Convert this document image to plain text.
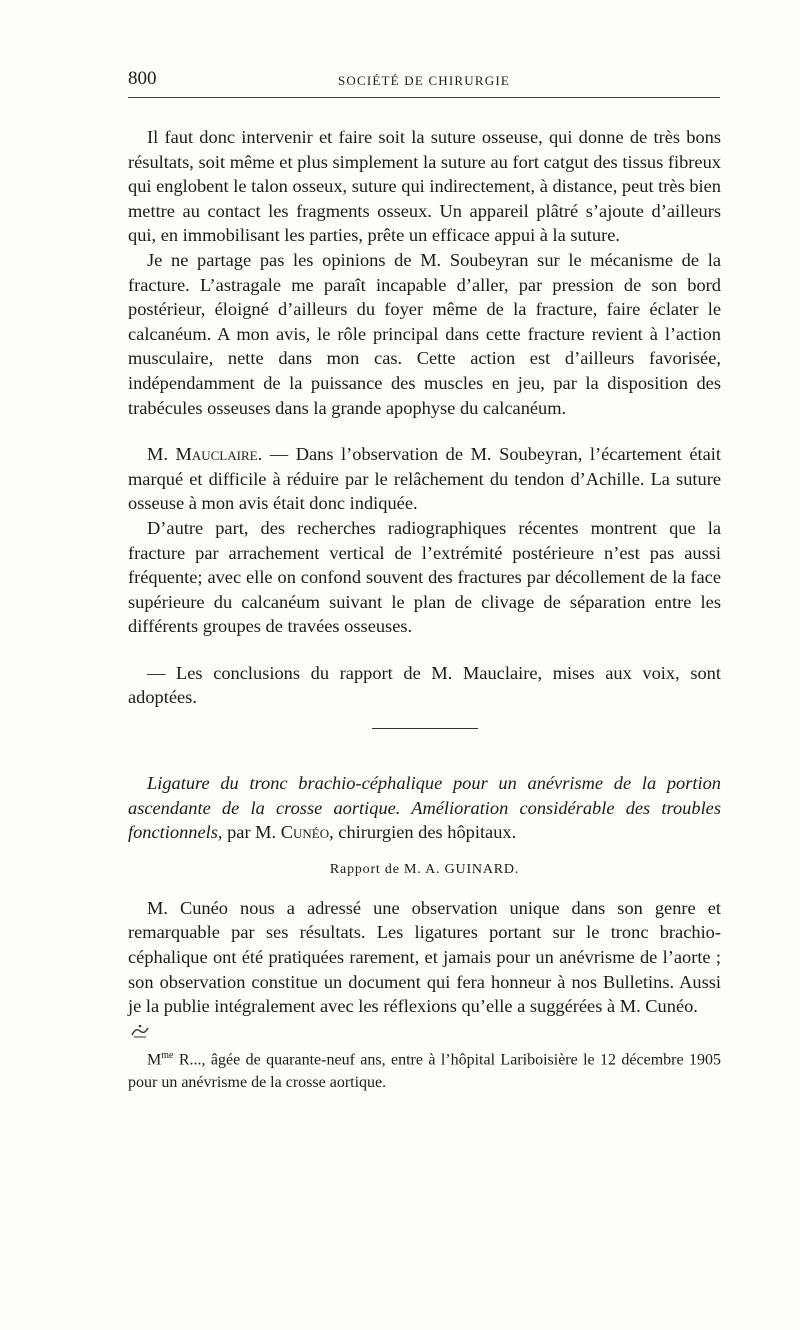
800	SOCIÉTÉ DE CHIRURGIE

Il faut donc intervenir et faire soit la suture osseuse, qui donne de très bons résultats, soit même et plus simplement la suture au fort catgut des tissus fibreux qui englobent le talon osseux, suture qui indirectement, à distance, peut très bien mettre au contact les fragments osseux. Un appareil plâtré s’ajoute d’ailleurs qui, en immobilisant les parties, prête un efficace appui à la suture.

Je ne partage pas les opinions de M. Soubeyran sur le mécanisme de la fracture. L’astragale me paraît incapable d’aller, par pression de son bord postérieur, éloigné d’ailleurs du foyer même de la fracture, faire éclater le calcanéum. A mon avis, le rôle principal dans cette fracture revient à l’action musculaire, nette dans mon cas. Cette action est d’ailleurs favorisée, indépendamment de la puissance des muscles en jeu, par la disposition des trabécules osseuses dans la grande apophyse du calcanéum.

M. Mauclaire. — Dans l’observation de M. Soubeyran, l’écartement était marqué et difficile à réduire par le relâchement du tendon d’Achille. La suture osseuse à mon avis était donc indiquée.

D’autre part, des recherches radiographiques récentes montrent que la fracture par arrachement vertical de l’extrémité postérieure n’est pas aussi fréquente; avec elle on confond souvent des fractures par décollement de la face supérieure du calcanéum suivant le plan de clivage de séparation entre les différents groupes de travées osseuses.

— Les conclusions du rapport de M. Mauclaire, mises aux voix, sont adoptées.

Ligature du tronc brachio-céphalique pour un anévrisme de la portion ascendante de la crosse aortique. Amélioration considérable des troubles fonctionnels, par M. Cunéo, chirurgien des hôpitaux.

Rapport de M. A. GUINARD.

M. Cunéo nous a adressé une observation unique dans son genre et remarquable par ses résultats. Les ligatures portant sur le tronc brachio-céphalique ont été pratiquées rarement, et jamais pour un anévrisme de l’aorte ; son observation constitue un document qui fera honneur à nos Bulletins. Aussi je la publie intégralement avec les réflexions qu’elle a suggérées à M. Cunéo.

$M^{me}$ R..., âgée de quarante-neuf ans, entre à l’hôpital Lariboisière le 12 décembre 1905 pour un anévrisme de la crosse aortique.
